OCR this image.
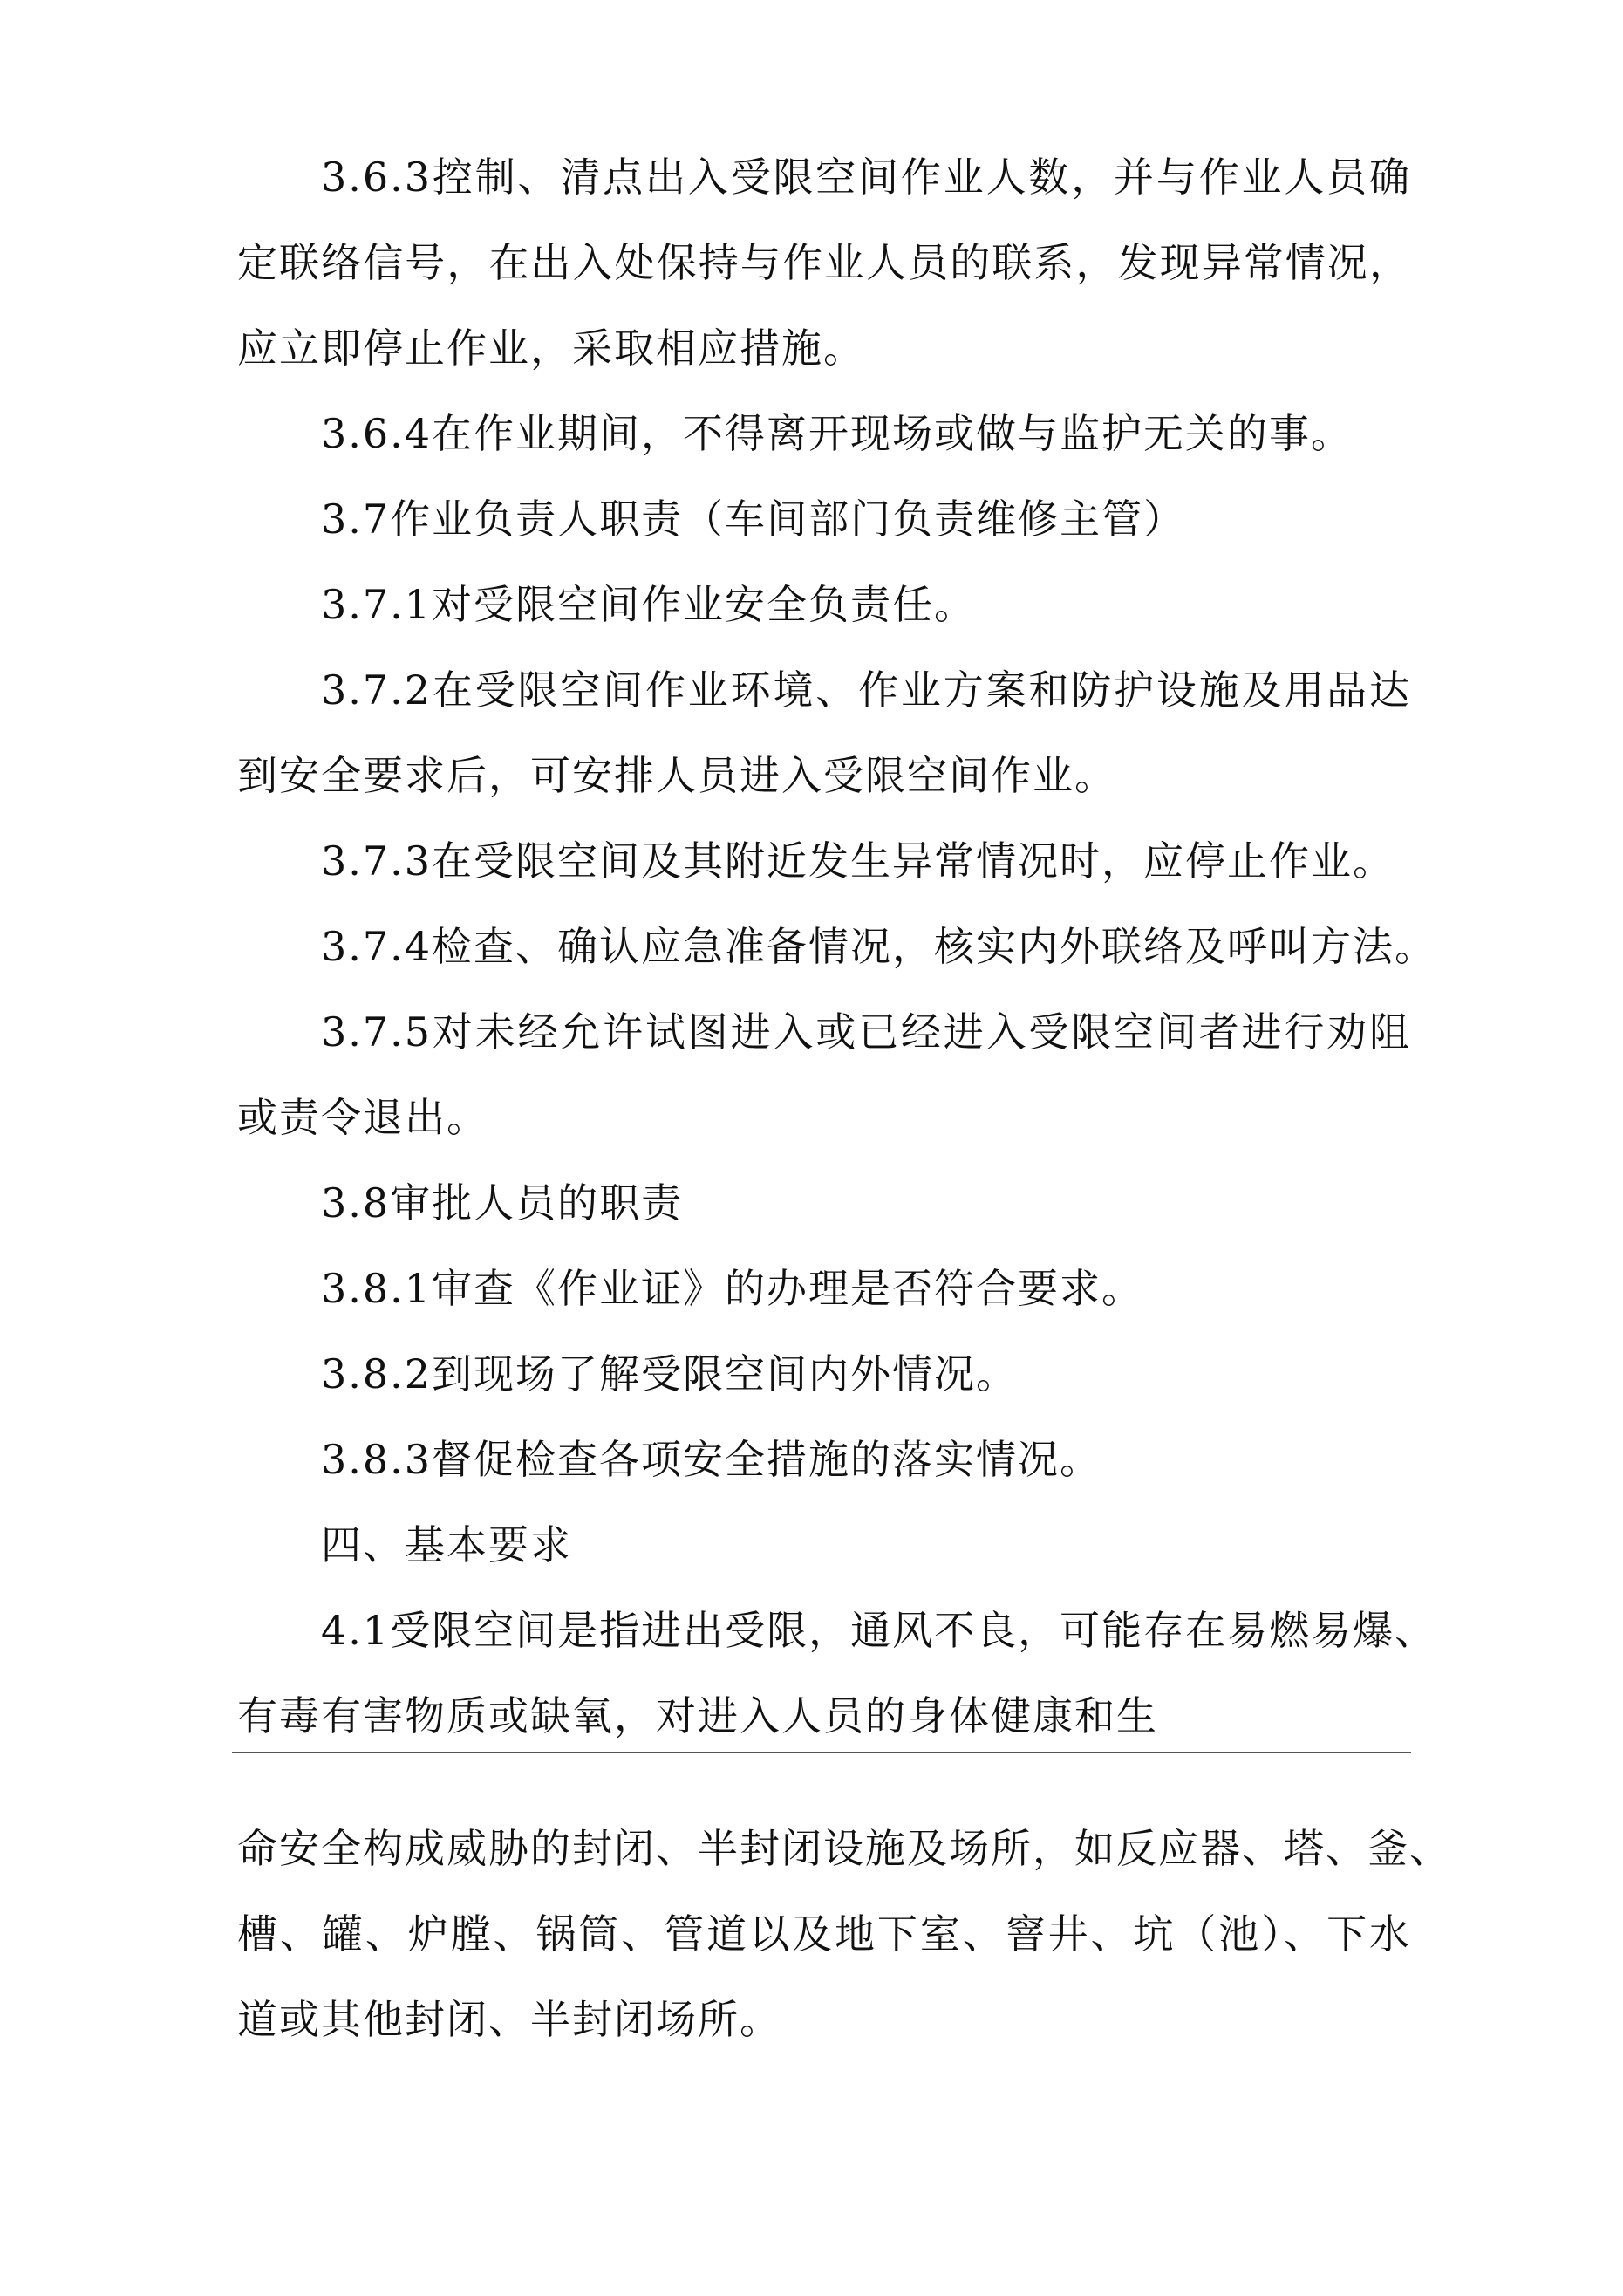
3.6.3控制、清点出入受限空间作业人数，并与作业人员确
定联络信号，在出入处保持与作业人员的联系，发现异常情况，
应立即停止作业，采取相应措施。
3.6.4在作业期间，不得离开现场或做与监护无关的事。
3.7作业负责人职责（车间部门负责维修主管）
3.7.1对受限空间作业安全负责任。
3.7.2在受限空间作业环境、作业方案和防护设施及用品达
到安全要求后，可安排人员进入受限空间作业。
3.7.3在受限空间及其附近发生异常情况时，应停止作业。
3.7.4检查、确认应急准备情况，核实内外联络及呼叫方法。
3.7.5对未经允许试图进入或已经进入受限空间者进行劝阻
或责令退出。
3.8审批人员的职责
3.8.1审查《作业证》的办理是否符合要求。
3.8.2到现场了解受限空间内外情况。
3.8.3督促检查各项安全措施的落实情况。
四、基本要求
4.1受限空间是指进出受限，通风不良，可能存在易燃易爆、
有毒有害物质或缺氧，对进入人员的身体健康和生
命安全构成威胁的封闭、半封闭设施及场所，如反应器、塔、釜、
槽、罐、炉膛、锅筒、管道以及地下室、窨井、坑（池）、下水
道或其他封闭、半封闭场所。
